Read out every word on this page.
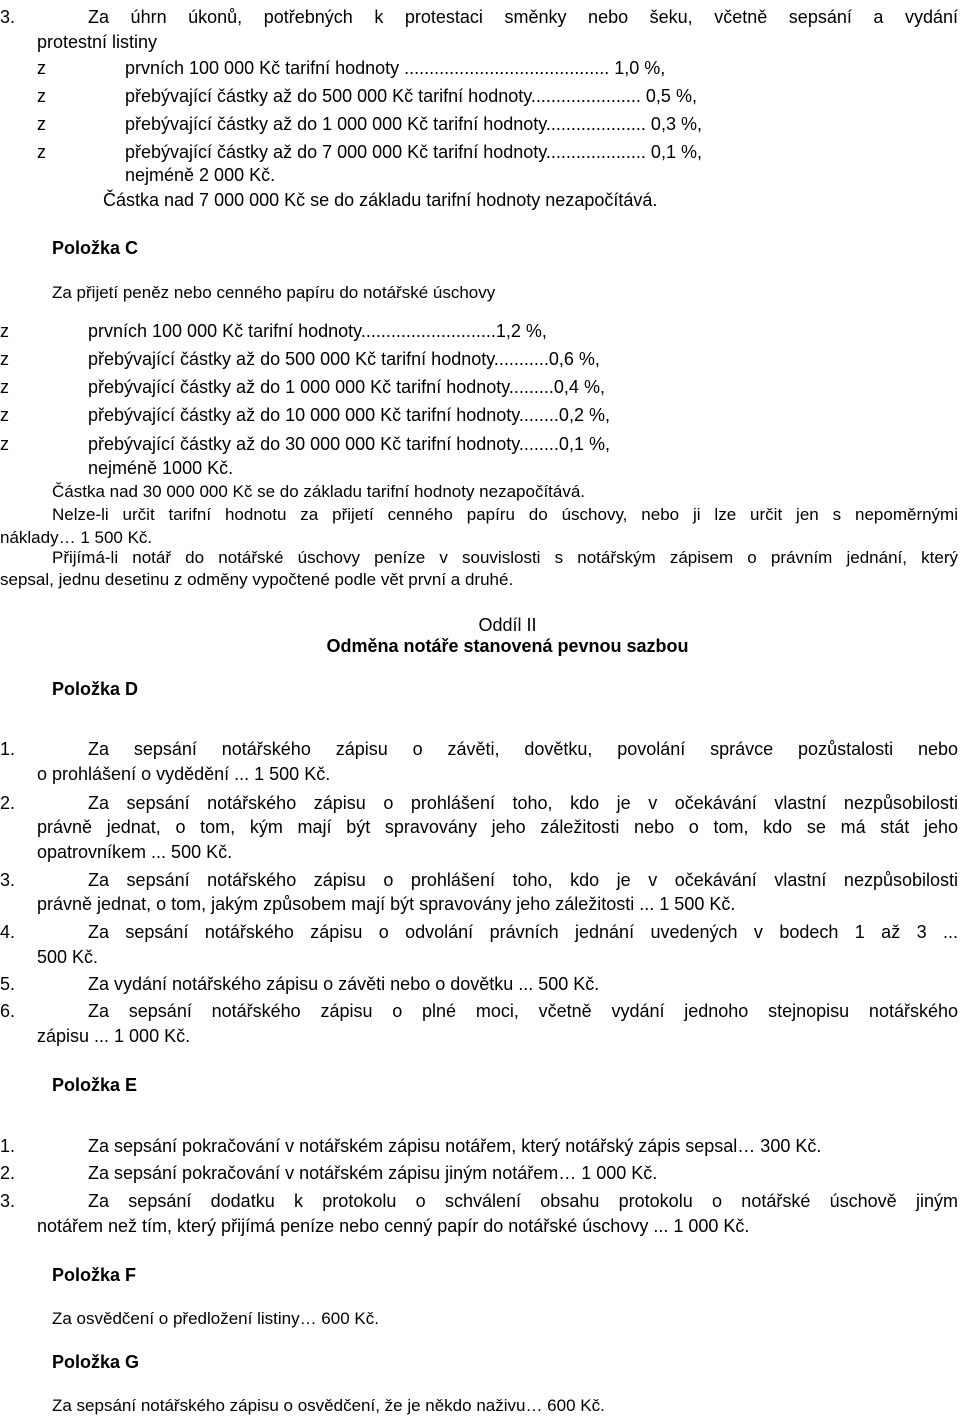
3.	Za úhrn úkonů, potřebných k protestaci směnky nebo šeku, včetně sepsání a vydání
protestní listiny
z	prvních 100 000 Kč tarifní hodnoty ......................................... 1,0 %,
z	přebývající částky až do 500 000 Kč tarifní hodnoty...................... 0,5 %,
z	přebývající částky až do 1 000 000 Kč tarifní hodnoty.................... 0,3 %,
z	přebývající částky až do 7 000 000 Kč tarifní hodnoty.................... 0,1 %,
nejméně 2 000 Kč.
Částka nad 7 000 000 Kč se do základu tarifní hodnoty nezapočítává.
Položka C
Za přijetí peněz nebo cenného papíru do notářské úschovy
z	prvních 100 000 Kč tarifní hodnoty...........................1,2 %,
z	přebývající částky až do 500 000 Kč tarifní hodnoty...........0,6 %,
z	přebývající částky až do 1 000 000 Kč tarifní hodnoty.........0,4 %,
z	přebývající částky až do 10 000 000 Kč tarifní hodnoty........0,2 %,
z	přebývající částky až do 30 000 000 Kč tarifní hodnoty........0,1 %,
nejméně 1000 Kč.
Částka nad 30 000 000 Kč se do základu tarifní hodnoty nezapočítává.
Nelze-li určit tarifní hodnotu za přijetí cenného papíru do úschovy, nebo ji lze určit jen s nepoměrnými
náklady… 1 500 Kč.
Přijímá-li notář do notářské úschovy peníze v souvislosti s notářským zápisem o právním jednání, který
sepsal, jednu desetinu z odměny vypočtené podle vět první a druhé.
Oddíl II
Odměna notáře stanovená pevnou sazbou
Položka D
1.	Za sepsání notářského zápisu o závěti, dovětku, povolání správce pozůstalosti nebo
o prohlášení o vydědění ... 1 500 Kč.
2.	Za sepsání notářského zápisu o prohlášení toho, kdo je v očekávání vlastní nezpůsobilosti
právně jednat, o tom, kým mají být spravovány jeho záležitosti nebo o tom, kdo se má stát jeho
opatrovníkem ... 500 Kč.
3.	Za sepsání notářského zápisu o prohlášení toho, kdo je v očekávání vlastní nezpůsobilosti
právně jednat, o tom, jakým způsobem mají být spravovány jeho záležitosti ... 1 500 Kč.
4.	Za sepsání notářského zápisu o odvolání právních jednání uvedených v bodech 1 až 3 ...
500 Kč.
5.	Za vydání notářského zápisu o závěti nebo o dovětku ... 500 Kč.
6.	Za sepsání notářského zápisu o plné moci, včetně vydání jednoho stejnopisu notářského
zápisu ... 1 000 Kč.
Položka E
1.	Za sepsání pokračování v notářském zápisu notářem, který notářský zápis sepsal… 300 Kč.
2.	Za sepsání pokračování v notářském zápisu jiným notářem… 1 000 Kč.
3.	Za sepsání dodatku k protokolu o schválení obsahu protokolu o notářské úschově jiným
notářem než tím, který přijímá peníze nebo cenný papír do notářské úschovy ... 1 000 Kč.
Položka F
Za osvědčení o předložení listiny… 600 Kč.
Položka G
Za sepsání notářského zápisu o osvědčení, že je někdo naživu… 600 Kč.
